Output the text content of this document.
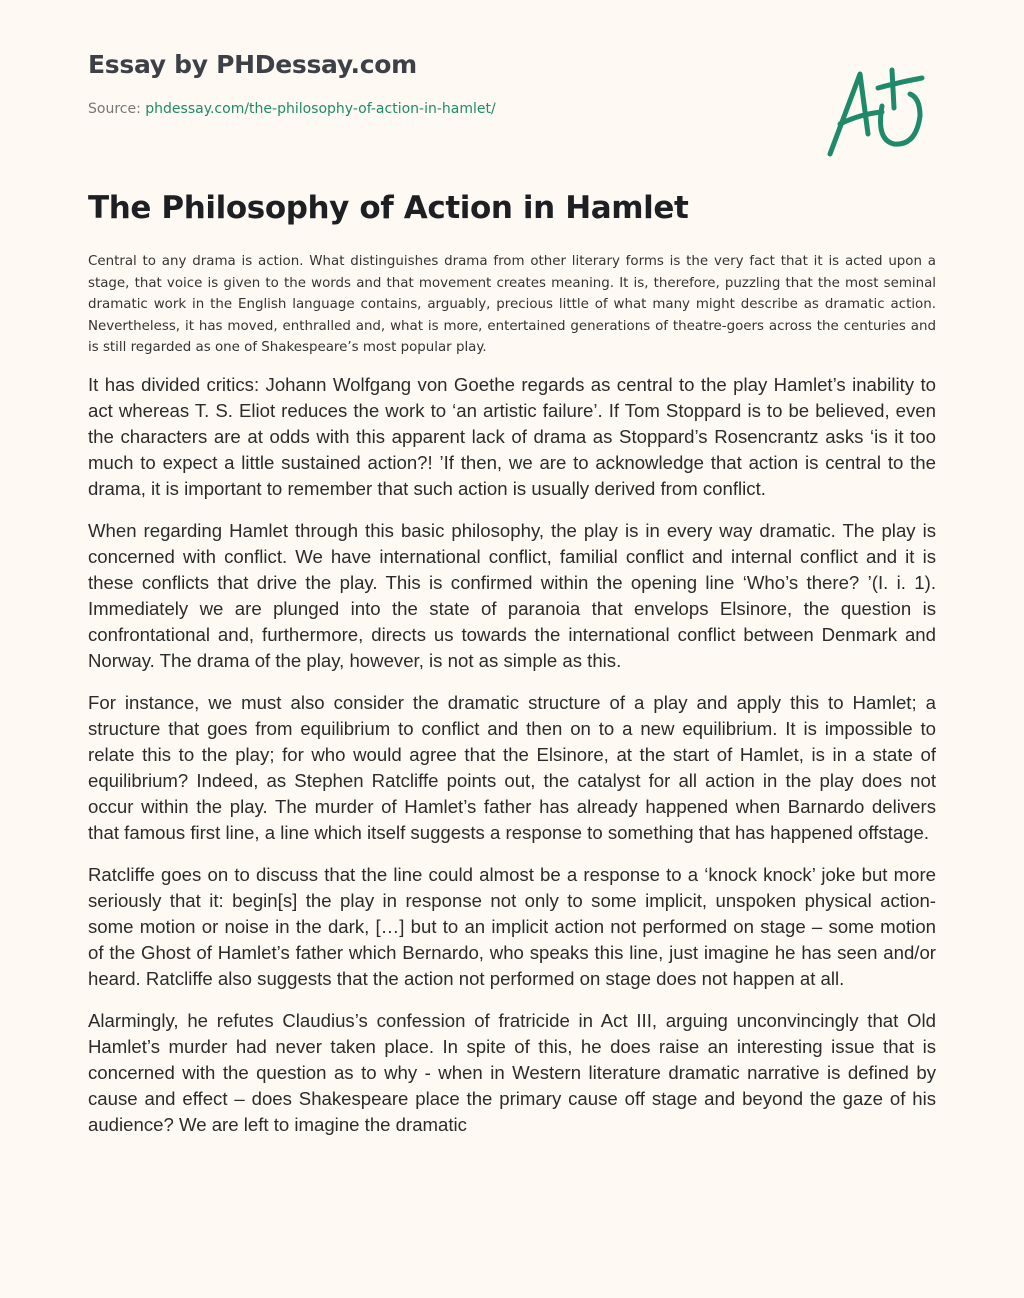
Essay by PHDessay.com
Source: phdessay.com/the-philosophy-of-action-in-hamlet/
The Philosophy of Action in Hamlet

Central to any drama is action. What distinguishes drama from other literary forms is the very fact that it is acted upon a stage, that voice is given to the words and that movement creates meaning. It is, therefore, puzzling that the most seminal dramatic work in the English language contains, arguably, precious little of what many might describe as dramatic action. Nevertheless, it has moved, enthralled and, what is more, entertained generations of theatre-goers across the centuries and is still regarded as one of Shakespeare’s most popular play.

It has divided critics: Johann Wolfgang von Goethe regards as central to the play Hamlet’s inability to act whereas T. S. Eliot reduces the work to ‘an artistic failure’. If Tom Stoppard is to be believed, even the characters are at odds with this apparent lack of drama as Stoppard’s Rosencrantz asks ‘is it too much to expect a little sustained action?! ’If then, we are to acknowledge that action is central to the drama, it is important to remember that such action is usually derived from conflict.

When regarding Hamlet through this basic philosophy, the play is in every way dramatic. The play is concerned with conflict. We have international conflict, familial conflict and internal conflict and it is these conflicts that drive the play. This is confirmed within the opening line ‘Who’s there? ’(I. i. 1). Immediately we are plunged into the state of paranoia that envelops Elsinore, the question is confrontational and, furthermore, directs us towards the international conflict between Denmark and Norway. The drama of the play, however, is not as simple as this.

For instance, we must also consider the dramatic structure of a play and apply this to Hamlet; a structure that goes from equilibrium to conflict and then on to a new equilibrium. It is impossible to relate this to the play; for who would agree that the Elsinore, at the start of Hamlet, is in a state of equilibrium? Indeed, as Stephen Ratcliffe points out, the catalyst for all action in the play does not occur within the play. The murder of Hamlet’s father has already happened when Barnardo delivers that famous first line, a line which itself suggests a response to something that has happened offstage.

Ratcliffe goes on to discuss that the line could almost be a response to a ‘knock knock’ joke but more seriously that it: begin[s] the play in response not only to some implicit, unspoken physical action- some motion or noise in the dark, […] but to an implicit action not performed on stage – some motion of the Ghost of Hamlet’s father which Bernardo, who speaks this line, just imagine he has seen and/or heard. Ratcliffe also suggests that the action not performed on stage does not happen at all.

Alarmingly, he refutes Claudius’s confession of fratricide in Act III, arguing unconvincingly that Old Hamlet’s murder had never taken place. In spite of this, he does raise an interesting issue that is concerned with the question as to why - when in Western literature dramatic narrative is defined by cause and effect – does Shakespeare place the primary cause off stage and beyond the gaze of his audience? We are left to imagine the dramatic
